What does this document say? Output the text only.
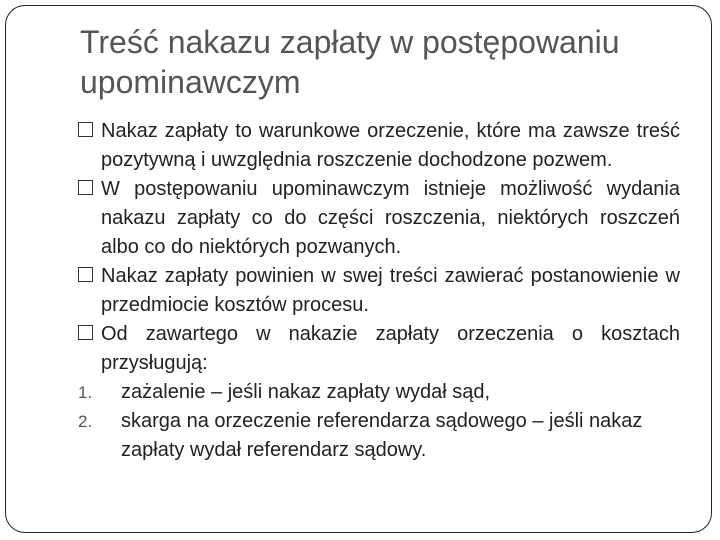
Treść nakazu zapłaty w postępowaniu upominawczym
Nakaz zapłaty to warunkowe orzeczenie, które ma zawsze treść pozytywną i uwzględnia roszczenie dochodzone pozwem.
W postępowaniu upominawczym istnieje możliwość wydania nakazu zapłaty co do części roszczenia, niektórych roszczeń albo co do niektórych pozwanych.
Nakaz zapłaty powinien w swej treści zawierać postanowienie w przedmiocie kosztów procesu.
Od zawartego w nakazie zapłaty orzeczenia o kosztach przysługują:
1.	zażalenie – jeśli nakaz zapłaty wydał sąd,
2.	skarga na orzeczenie referendarza sądowego – jeśli nakaz zapłaty wydał referendarz sądowy.
